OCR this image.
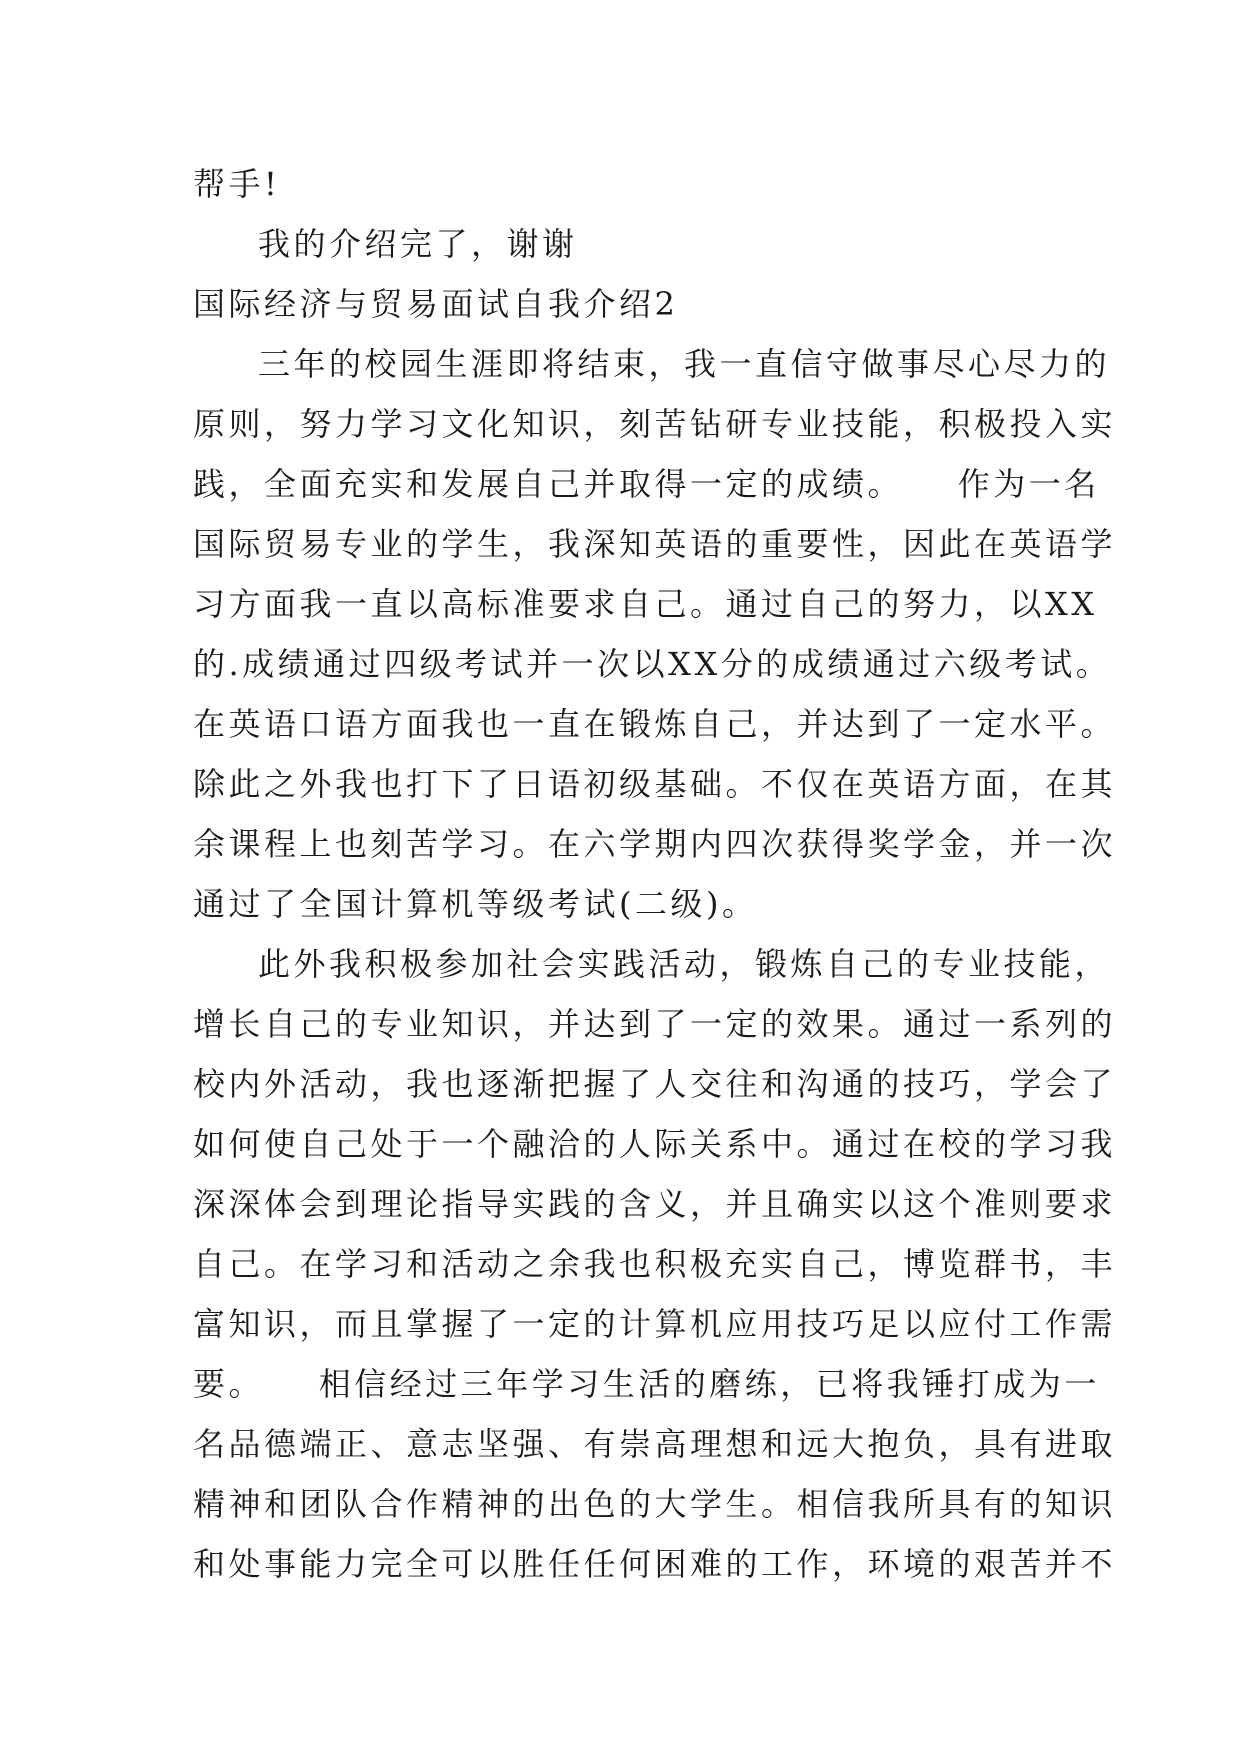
帮手!
我的介绍完了，谢谢
国际经济与贸易面试自我介绍2
三年的校园生涯即将结束，我一直信守做事尽心尽力的
原则，努力学习文化知识，刻苦钻研专业技能，积极投入实
践，全面充实和发展自己并取得一定的成绩。    作为一名
国际贸易专业的学生，我深知英语的重要性，因此在英语学
习方面我一直以高标准要求自己。通过自己的努力，以XX
的.成绩通过四级考试并一次以XX分的成绩通过六级考试。
在英语口语方面我也一直在锻炼自己，并达到了一定水平。
除此之外我也打下了日语初级基础。不仅在英语方面，在其
余课程上也刻苦学习。在六学期内四次获得奖学金，并一次
通过了全国计算机等级考试(二级)。
此外我积极参加社会实践活动，锻炼自己的专业技能，
增长自己的专业知识，并达到了一定的效果。通过一系列的
校内外活动，我也逐渐把握了人交往和沟通的技巧，学会了
如何使自己处于一个融洽的人际关系中。通过在校的学习我
深深体会到理论指导实践的含义，并且确实以这个准则要求
自己。在学习和活动之余我也积极充实自己，博览群书，丰
富知识，而且掌握了一定的计算机应用技巧足以应付工作需
要。    相信经过三年学习生活的磨练，已将我锤打成为一
名品德端正、意志坚强、有崇高理想和远大抱负，具有进取
精神和团队合作精神的出色的大学生。相信我所具有的知识
和处事能力完全可以胜任任何困难的工作，环境的艰苦并不
